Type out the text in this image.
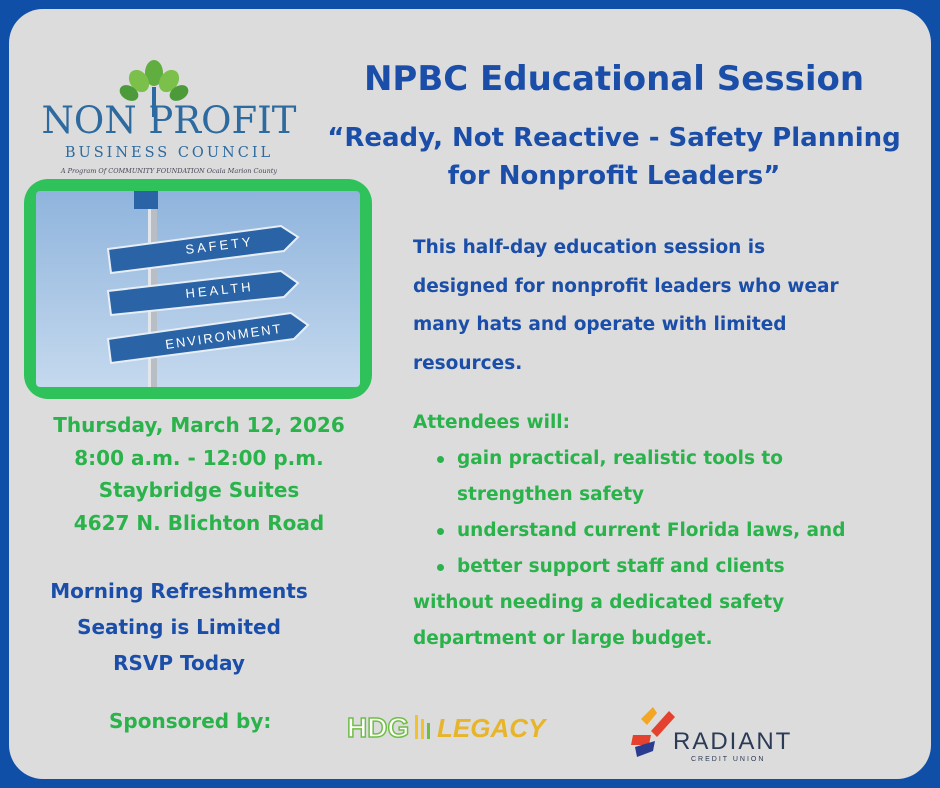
NON PROFIT
BUSINESS COUNCIL
A Program Of COMMUNITY FOUNDATION Ocala Marion County
NPBC Educational Session
“Ready, Not Reactive - Safety Planning
for Nonprofit Leaders”
SAFETY
HEALTH
ENVIRONMENT
Thursday, March 12, 2026
8:00 a.m. - 12:00 p.m.
Staybridge Suites
4627 N. Blichton Road
Morning Refreshments
Seating is Limited
RSVP Today
This half-day education session is
designed for nonprofit leaders who wear
many hats and operate with limited
resources.
Attendees will:
gain practical, realistic tools to
strengthen safety
understand current Florida laws, and
better support staff and clients
without needing a dedicated safety
department or large budget.
Sponsored by:	HDG LEGACY	RADIANT
CREDIT UNION
